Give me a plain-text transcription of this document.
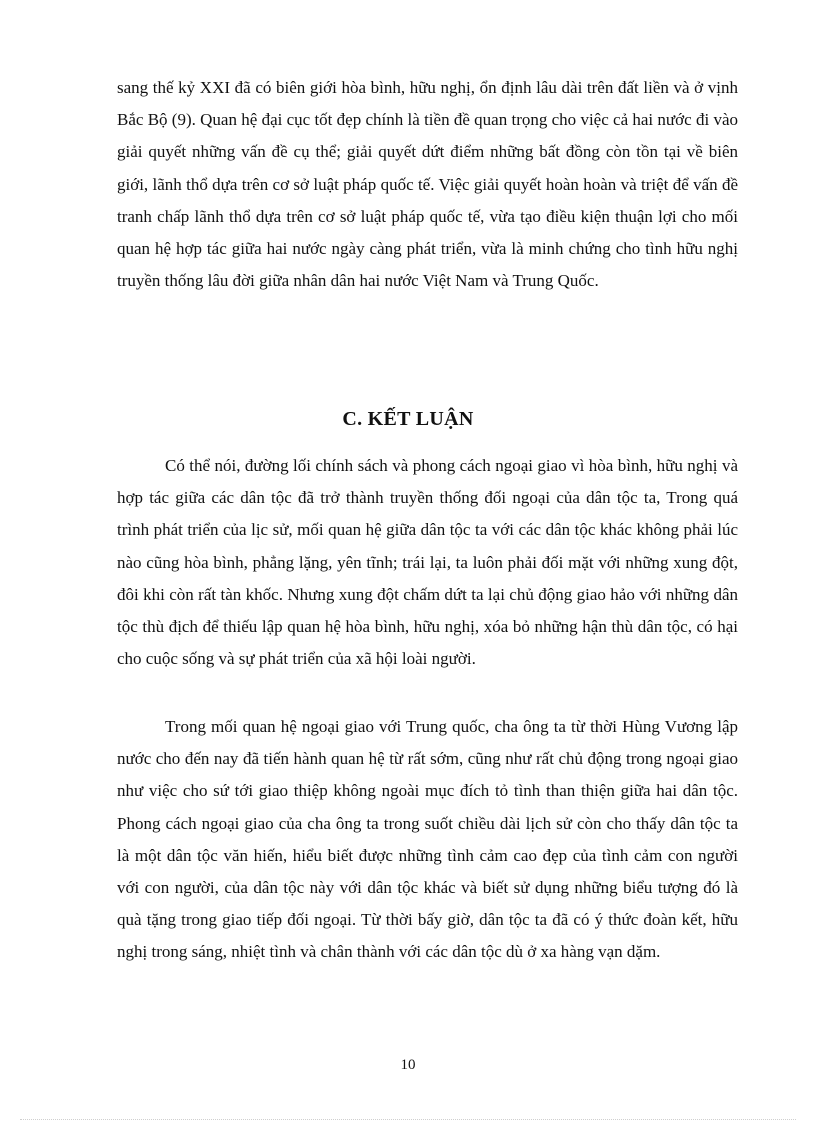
sang thế kỷ XXI đã có biên giới hòa bình, hữu nghị, ổn định lâu dài trên đất liền và ở vịnh Bắc Bộ (9). Quan hệ đại cục tốt đẹp chính là tiền đề quan trọng cho việc cả hai nước đi vào giải quyết những vấn đề cụ thể; giải quyết dứt điểm những bất đồng còn tồn tại về biên giới, lãnh thổ dựa trên cơ sở luật pháp quốc tế. Việc giải quyết hoàn hoàn và triệt để vấn đề tranh chấp lãnh thổ dựa trên cơ sở luật pháp quốc tế, vừa tạo điều kiện thuận lợi cho mối quan hệ hợp tác giữa hai nước ngày càng phát triển, vừa là minh chứng cho tình hữu nghị truyền thống lâu đời giữa nhân dân hai nước Việt Nam và Trung Quốc.

C. KẾT LUẬN

Có thể nói, đường lối chính sách và phong cách ngoại giao vì hòa bình, hữu nghị và hợp tác giữa các dân tộc đã trở thành truyền thống đối ngoại của dân tộc ta, Trong quá trình phát triển của lịc sử, mối quan hệ giữa dân tộc ta với các dân tộc khác không phải lúc nào cũng hòa bình, phẳng lặng, yên tĩnh; trái lại, ta luôn phải đối mặt với những xung đột, đôi khi còn rất tàn khốc. Nhưng xung đột chấm dứt ta lại chủ động giao hảo với những dân tộc thù địch để thiếu lập quan hệ hòa bình, hữu nghị, xóa bỏ những hận thù dân tộc, có hại cho cuộc sống và sự phát triển của xã hội loài người.

Trong mối quan hệ ngoại giao với Trung quốc, cha ông ta từ thời Hùng Vương lập nước cho đến nay đã tiến hành quan hệ từ rất sớm, cũng như rất chủ động trong ngoại giao như việc cho sứ tới giao thiệp không ngoài mục đích tỏ tình than thiện giữa hai dân tộc. Phong cách ngoại giao của cha ông ta trong suốt chiều dài lịch sử còn cho thấy dân tộc ta là một dân tộc văn hiến, hiểu biết được những tình cảm cao đẹp của tình cảm con người với con người, của dân tộc này với dân tộc khác và biết sử dụng những biểu tượng đó là quà tặng trong giao tiếp đối ngoại. Từ thời bấy giờ, dân tộc ta đã có ý thức đoàn kết, hữu nghị trong sáng, nhiệt tình và chân thành với các dân tộc dù ở xa hàng vạn dặm.

10
